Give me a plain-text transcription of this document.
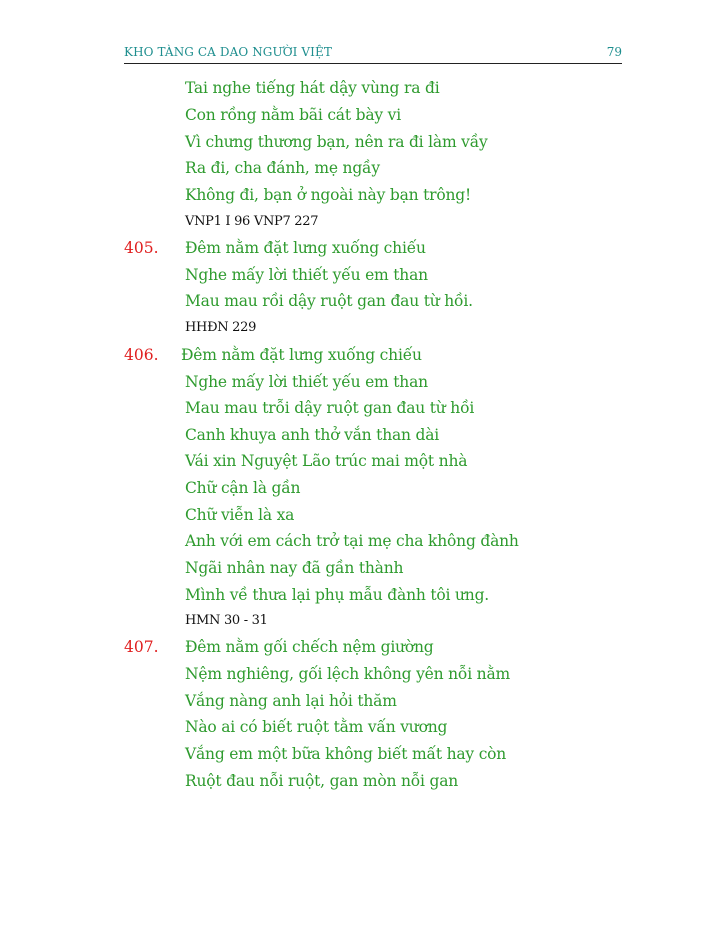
KHO TÀNG CA DAO NGƯỜI VIỆT	79
Tai nghe tiếng hát dậy vùng ra đi
Con rồng nằm bãi cát bày vi
Vì chưng thương bạn, nên ra đi làm vầy
Ra đi, cha đánh, mẹ ngầy
Không đi, bạn ở ngoài này bạn trông!
VNP1 I 96 VNP7 227
405. Đêm nằm đặt lưng xuống chiếu
Nghe mấy lời thiết yếu em than
Mau mau rồi dậy ruột gan đau từ hồi.
HHĐN 229
406. Đêm nằm đặt lưng xuống chiếu
Nghe mấy lời thiết yếu em than
Mau mau trỗi dậy ruột gan đau từ hồi
Canh khuya anh thở vắn than dài
Vái xin Nguyệt Lão trúc mai một nhà
Chữ cận là gần
Chữ viễn là xa
Anh với em cách trở tại mẹ cha không đành
Ngãi nhân nay đã gần thành
Mình về thưa lại phụ mẫu đành tôi ưng.
HMN 30 - 31
407. Đêm nằm gối chếch nệm giường
Nệm nghiêng, gối lệch không yên nỗi nằm
Vắng nàng anh lại hỏi thăm
Nào ai có biết ruột tằm vấn vương
Vắng em một bữa không biết mất hay còn
Ruột đau nỗi ruột, gan mòn nỗi gan
